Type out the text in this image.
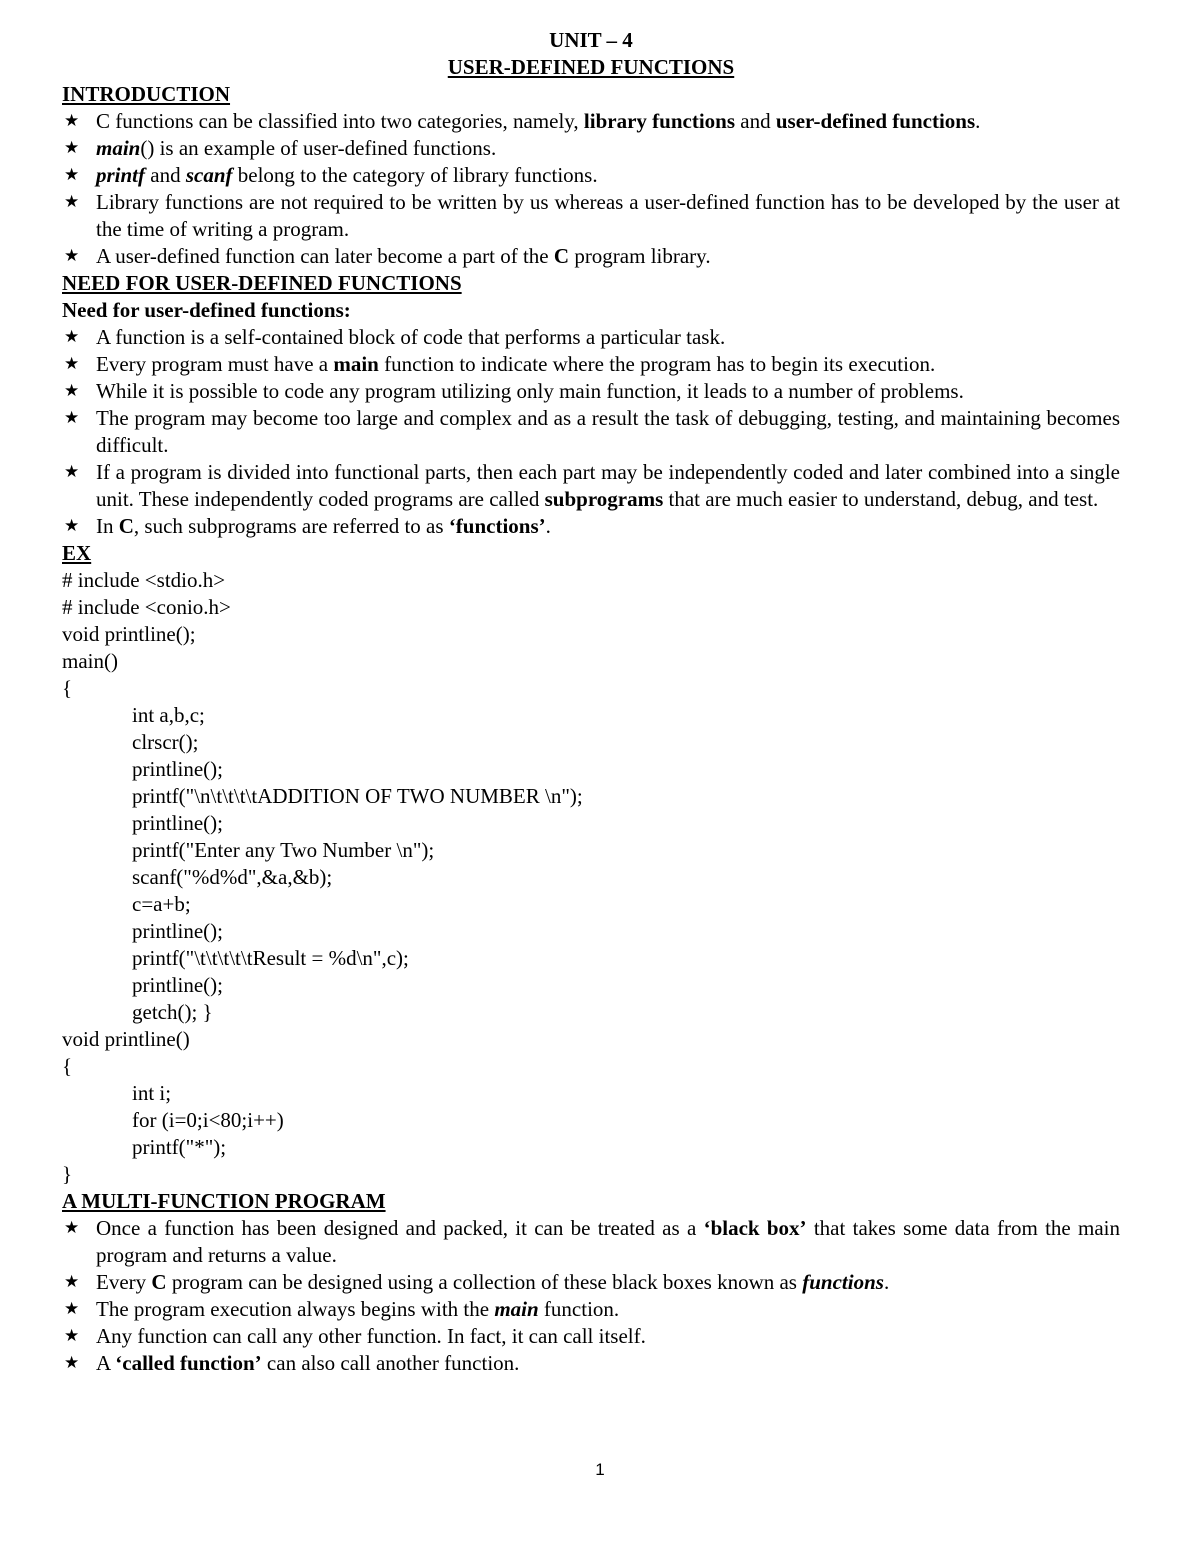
UNIT – 4
USER-DEFINED FUNCTIONS
INTRODUCTION
★ C functions can be classified into two categories, namely, library functions and user-defined functions.
★ main() is an example of user-defined functions.
★ printf and scanf belong to the category of library functions.
★ Library functions are not required to be written by us whereas a user-defined function has to be developed by the user at the time of writing a program.
★ A user-defined function can later become a part of the C program library.
NEED FOR USER-DEFINED FUNCTIONS
Need for user-defined functions:
★ A function is a self-contained block of code that performs a particular task.
★ Every program must have a main function to indicate where the program has to begin its execution.
★ While it is possible to code any program utilizing only main function, it leads to a number of problems.
★ The program may become too large and complex and as a result the task of debugging, testing, and maintaining becomes difficult.
★ If a program is divided into functional parts, then each part may be independently coded and later combined into a single unit. These independently coded programs are called subprograms that are much easier to understand, debug, and test.
★ In C, such subprograms are referred to as ‘functions’.
EX
# include <stdio.h>
# include <conio.h>
void printline();
main()
{
int a,b,c;
clrscr();
printline();
printf("\n\t\t\t\tADDITION OF TWO NUMBER \n");
printline();
printf("Enter any Two Number \n");
scanf("%d%d",&a,&b);
c=a+b;
printline();
printf("\t\t\t\t\tResult = %d\n",c);
printline();
getch(); }
void printline()
{
int i;
for (i=0;i<80;i++)
printf("*");
}
A MULTI-FUNCTION PROGRAM
★ Once a function has been designed and packed, it can be treated as a ‘black box’ that takes some data from the main program and returns a value.
★ Every C program can be designed using a collection of these black boxes known as functions.
★ The program execution always begins with the main function.
★ Any function can call any other function. In fact, it can call itself.
★ A ‘called function’ can also call another function.
1
